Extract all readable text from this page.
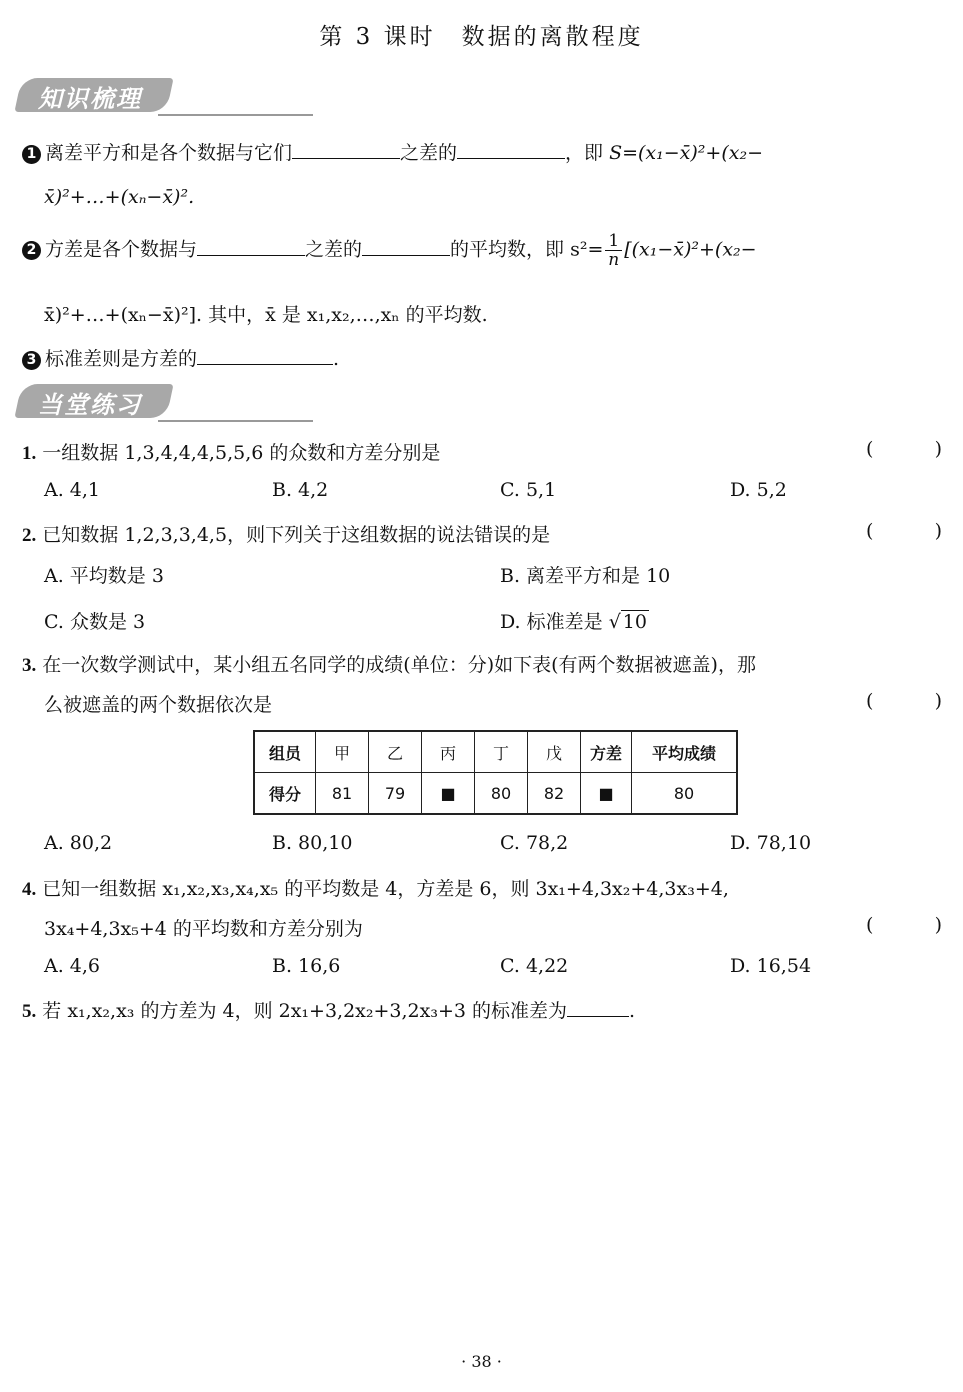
第 3 课时 数据的离散程度
知识梳理
1 离差平方和是各个数据与它们	之差的	，即 S=(x₁−x̄)²+(x₂−
x̄)²+…+(xₙ−x̄)².
2 方差是各个数据与	之差的	的平均数，即 $s^2= \frac{1}{n}$ [(x₁−x̄)²+(x₂−
x̄)²+…+(xₙ−x̄)²]. 其中，x̄ 是 x₁,x₂,…,xₙ 的平均数.
3 标准差则是方差的	.
当堂练习
1. 一组数据 1,3,4,4,4,5,5,6 的众数和方差分别是	(	)
A. 4,1	B. 4,2	C. 5,1	D. 5,2
2. 已知数据 1,2,3,3,4,5，则下列关于这组数据的说法错误的是	(	)
A. 平均数是 3	B. 离差平方和是 10
C. 众数是 3	D. 标准差是 √ 10
3. 在一次数学测试中，某小组五名同学的成绩(单位：分)如下表(有两个数据被遮盖)，那
么被遮盖的两个数据依次是	(	)
组员	甲	乙	丙	丁	戊	方差	平均成绩
得分	81	79	■	80	82	■	80
A. 80,2	B. 80,10	C. 78,2	D. 78,10
4. 已知一组数据 x₁,x₂,x₃,x₄,x₅ 的平均数是 4，方差是 6，则 3x₁+4,3x₂+4,3x₃+4,
3x₄+4,3x₅+4 的平均数和方差分别为	(	)
A. 4,6	B. 16,6	C. 4,22	D. 16,54
5. 若 x₁,x₂,x₃ 的方差为 4，则 2x₁+3,2x₂+3,2x₃+3 的标准差为	.
· 38 ·
